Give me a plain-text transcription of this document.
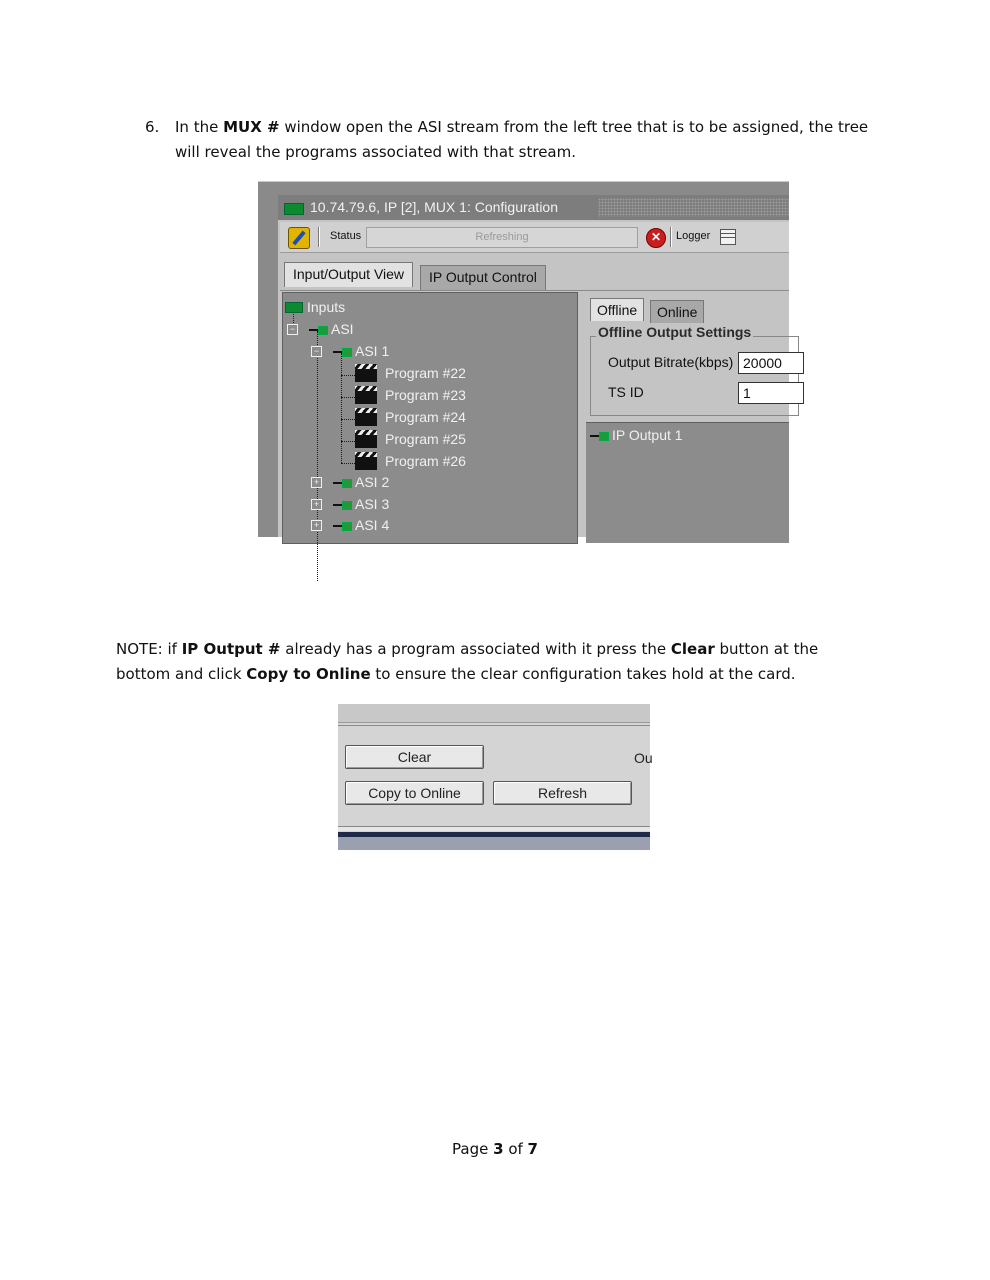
6. In the MUX # window open the ASI stream from the left tree that is to be assigned, the tree will reveal the programs associated with that stream.
10.74.79.6, IP [2], MUX 1: Configuration
Status	Refreshing	✕	Logger
Input/Output View	IP Output Control
Inputs
−	ASI
−	ASI 1
Program #22
Program #23
Program #24
Program #25
Program #26
+	ASI 2
+	ASI 3
+	ASI 4
Offline	Online
Offline Output Settings
Output Bitrate(kbps) 20000
TS ID	1
IP Output 1
NOTE: if IP Output # already has a program associated with it press the Clear button at the bottom and click Copy to Online to ensure the clear configuration takes hold at the card.
Clear	Ou
Copy to Online	Refresh
Page 3 of 7
